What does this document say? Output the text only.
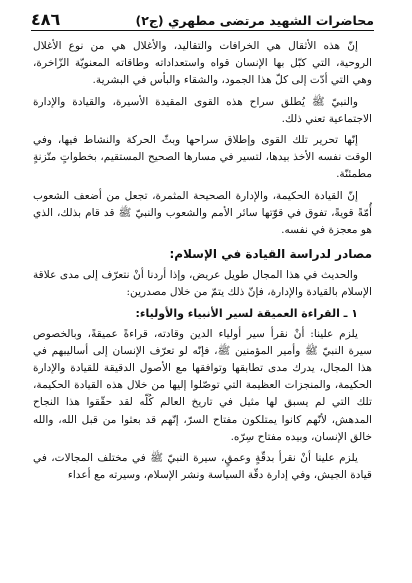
محاضرات الشهيد مرتضى مطهري (ج٢)
٤٨٦

إنّ هذه الأثقال هي الخرافات والتقاليد، والأغلال هي من نوع الأغلال الروحية، التي كبّل بها الإنسان قواه واستعداداته وطاقاته المعنويّة الزّاخرة، وهي التي أدّت إلى كلّ هذا الجمود، والشقاء والبأس في البشرية.

والنبيّ ﷺ يُطلق سراح هذه القوى المقيدة الأسيرة، والقيادة والإدارة الاجتماعية تعني ذلك.

إنّها تحرير تلك القوى وإطلاق سراحها وبثّ الحركة والنشاط فيها، وفي الوقت نفسه الأخذ بيدها، لتسير في مسارها الصحيح المستقيم، بخطواتٍ متّزنةٍ مطمئنّة.

إنّ القيادة الحكيمة، والإدارة الصحيحة المثمرة، تجعل من أضعف الشعوب أُمّةً قويةً، تفوق في قوّتها سائر الأمم والشعوب والنبيّ ﷺ قد قام بذلك، الذي هو معجزة في نفسه.

مصادر لدراسة القيادة في الإسلام:

والحديث في هذا المجال طويل عريض، وإذا أردنا أنْ نتعرّف إلى مدى علاقة الإسلام بالقيادة والإدارة، فإنّ ذلك يتمّ من خلال مصدرين:

١ ـ القراءة العميقة لسير الأنبياء والأولياء:

يلزم علينا: أنْ نقرأ سير أولياء الدين وقادته، قراءةً عميقةً، وبالخصوص سيرة النبيّ ﷺ وأمير المؤمنين ﷺ، فإنّه لو تعرّف الإنسان إلى أساليبهم في هذا المجال، يدرك مدى تطابقها وتوافقها مع الأصول الدقيقة للقيادة والإدارة الحكيمة، والمنجزات العظيمة التي توصّلوا إليها من خلال هذه القيادة الحكيمة، تلك التي لم يسبق لها مثيل في تاريخ العالم كُلّه لقد حقّقوا هذا النجاح المدهش، لأنّهم كانوا يمتلكون مفتاح السرّ، إنّهم قد بعثوا من قبل الله، والله خالق الإنسان، وبيده مفتاح سِرّه.

يلزم علينا أنْ نقرأ بدقّةٍ وعمقٍ، سيرة النبيّ ﷺ في مختلف المجالات، في قيادة الجيش، وفي إدارة دقّة السياسة ونشر الإسلام، وسيرته مع أعداء
